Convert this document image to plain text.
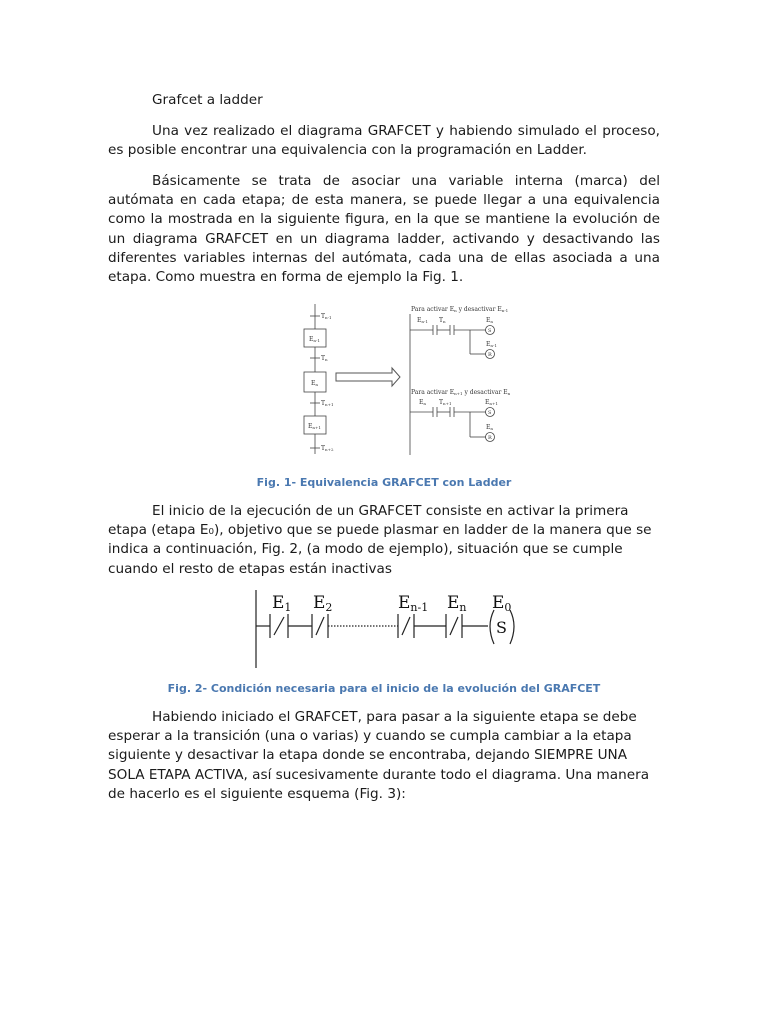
Grafcet a ladder

Una vez realizado el diagrama GRAFCET y habiendo simulado el proceso, es posible encontrar una equivalencia con la programación en Ladder.

Básicamente se trata de asociar una variable interna (marca) del autómata en cada etapa; de esta manera, se puede llegar a una equivalencia como la mostrada en la siguiente figura, en la que se mantiene la evolución de un diagrama GRAFCET en un diagrama ladder, activando y desactivando las diferentes variables internas del autómata, cada una de ellas asociada a una etapa. Como muestra en forma de ejemplo la Fig. 1.

Tn-1
En-1
Tn
En
Tn+1
En+1
Tn+2
Para activar En y desactivar En-1
En-1 Tn	En
S
En-1
R
Para activar En+1 y desactivar En
En Tn+1	En+1
S
En
R

Fig. 1- Equivalencia GRAFCET con Ladder

El inicio de la ejecución de un GRAFCET consiste en activar la primera etapa (etapa E₀), objetivo que se puede plasmar en ladder de la manera que se indica a continuación, Fig. 2, (a modo de ejemplo), situación que se cumple cuando el resto de etapas están inactivas

E1 E2	En-1 En E0
S

Fig. 2- Condición necesaria para el inicio de la evolución del GRAFCET

Habiendo iniciado el GRAFCET, para pasar a la siguiente etapa se debe esperar a la transición (una o varias) y cuando se cumpla cambiar a la etapa siguiente y desactivar la etapa donde se encontraba, dejando SIEMPRE UNA SOLA ETAPA ACTIVA, así sucesivamente durante todo el diagrama. Una manera de hacerlo es el siguiente esquema (Fig. 3):
